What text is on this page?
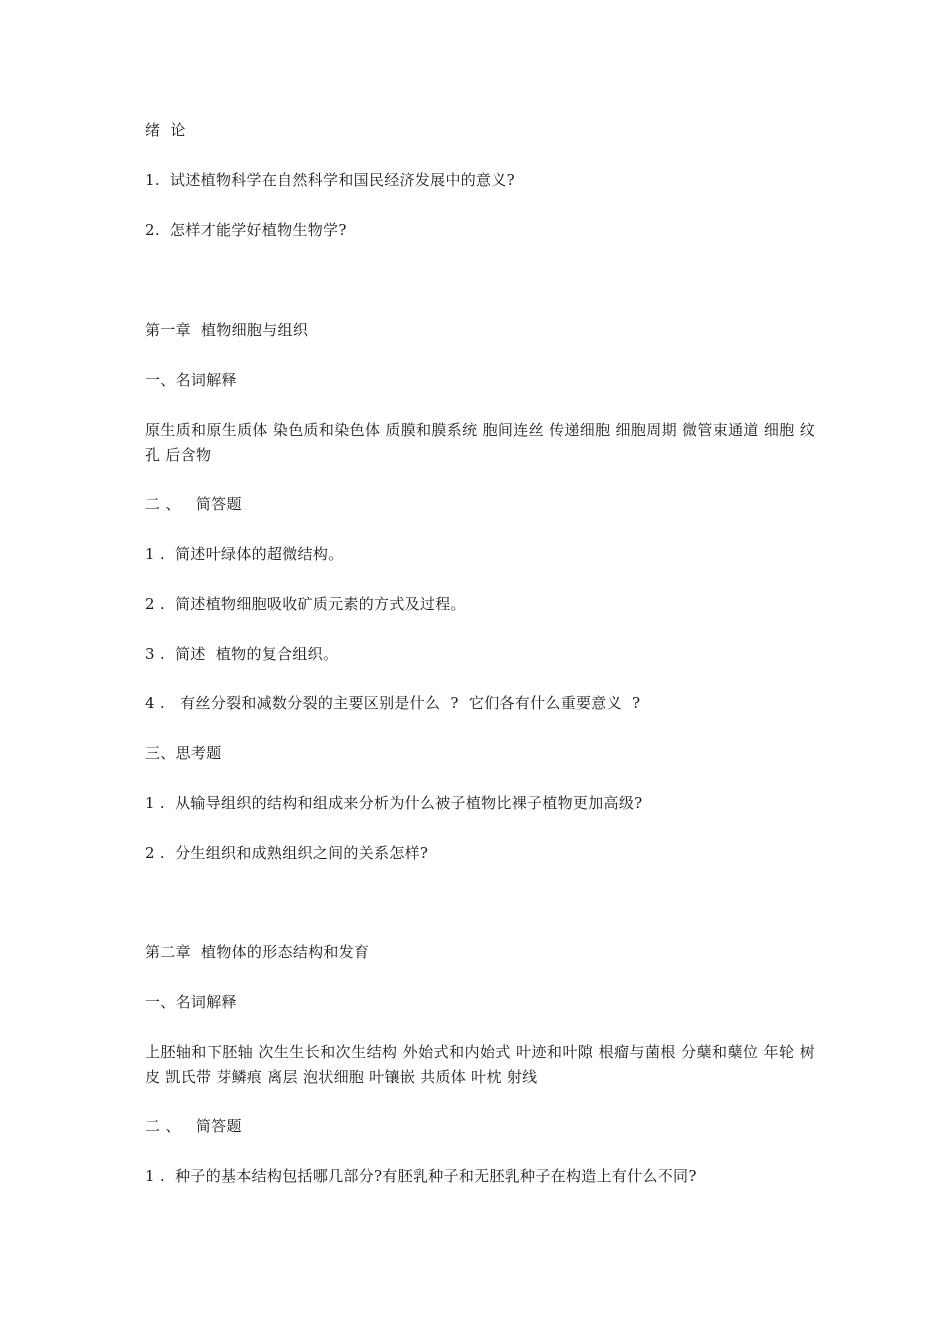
绪  论
1.  试述植物科学在自然科学和国民经济发展中的意义?
2.  怎样才能学好植物生物学?
第一章  植物细胞与组织
一、名词解释
原生质和原生质体 染色质和染色体 质膜和膜系统 胞间连丝 传递细胞 细胞周期 微管束通道 细胞 纹孔 后含物
二 、   简答题
1 .  简述叶绿体的超微结构。
2 .  简述植物细胞吸收矿质元素的方式及过程。
3 .  简述  植物的复合组织。
4 .   有丝分裂和减数分裂的主要区别是什么  ?  它们各有什么重要意义  ?
三、思考题
1 .  从输导组织的结构和组成来分析为什么被子植物比裸子植物更加高级?
2 .  分生组织和成熟组织之间的关系怎样?
第二章  植物体的形态结构和发育
一、名词解释
上胚轴和下胚轴 次生生长和次生结构 外始式和内始式 叶迹和叶隙 根瘤与菌根 分蘖和蘖位 年轮 树皮 凯氏带 芽鳞痕 离层 泡状细胞 叶镶嵌 共质体 叶枕 射线
二 、   简答题
1 .  种子的基本结构包括哪几部分?有胚乳种子和无胚乳种子在构造上有什么不同?
